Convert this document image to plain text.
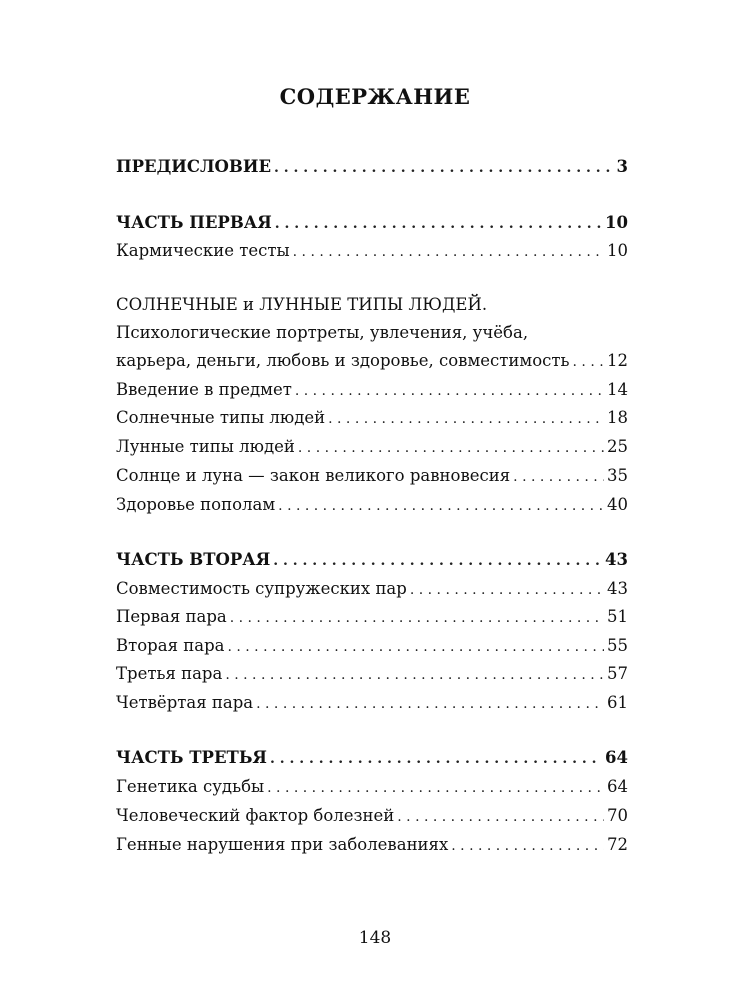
СОДЕРЖАНИЕ
ПРЕДИСЛОВИЕ . . .	3
ЧАСТЬ ПЕРВАЯ . . .	10
Кармические тесты . . .	10
СОЛНЕЧНЫЕ и ЛУННЫЕ ТИПЫ ЛЮДЕЙ.
Психологические портреты, увлечения, учёба,
карьера, деньги, любовь и здоровье, совместимость . . . 12
Введение в предмет . . .	14
Солнечные типы людей . . .	18
Лунные типы людей . . .	25
Солнце и луна — закон великого равновесия . . .	35
Здоровье пополам . . .	40
ЧАСТЬ ВТОРАЯ . . .	43
Совместимость супружеских пар . . .	43
Первая пара . . .	51
Вторая пара . . .	55
Третья пара . . .	57
Четвёртая пара . . .	61
ЧАСТЬ ТРЕТЬЯ . . .	64
Генетика судьбы . . .	64
Человеческий фактор болезней . . .	70
Генные нарушения при заболеваниях . . .	72
148
